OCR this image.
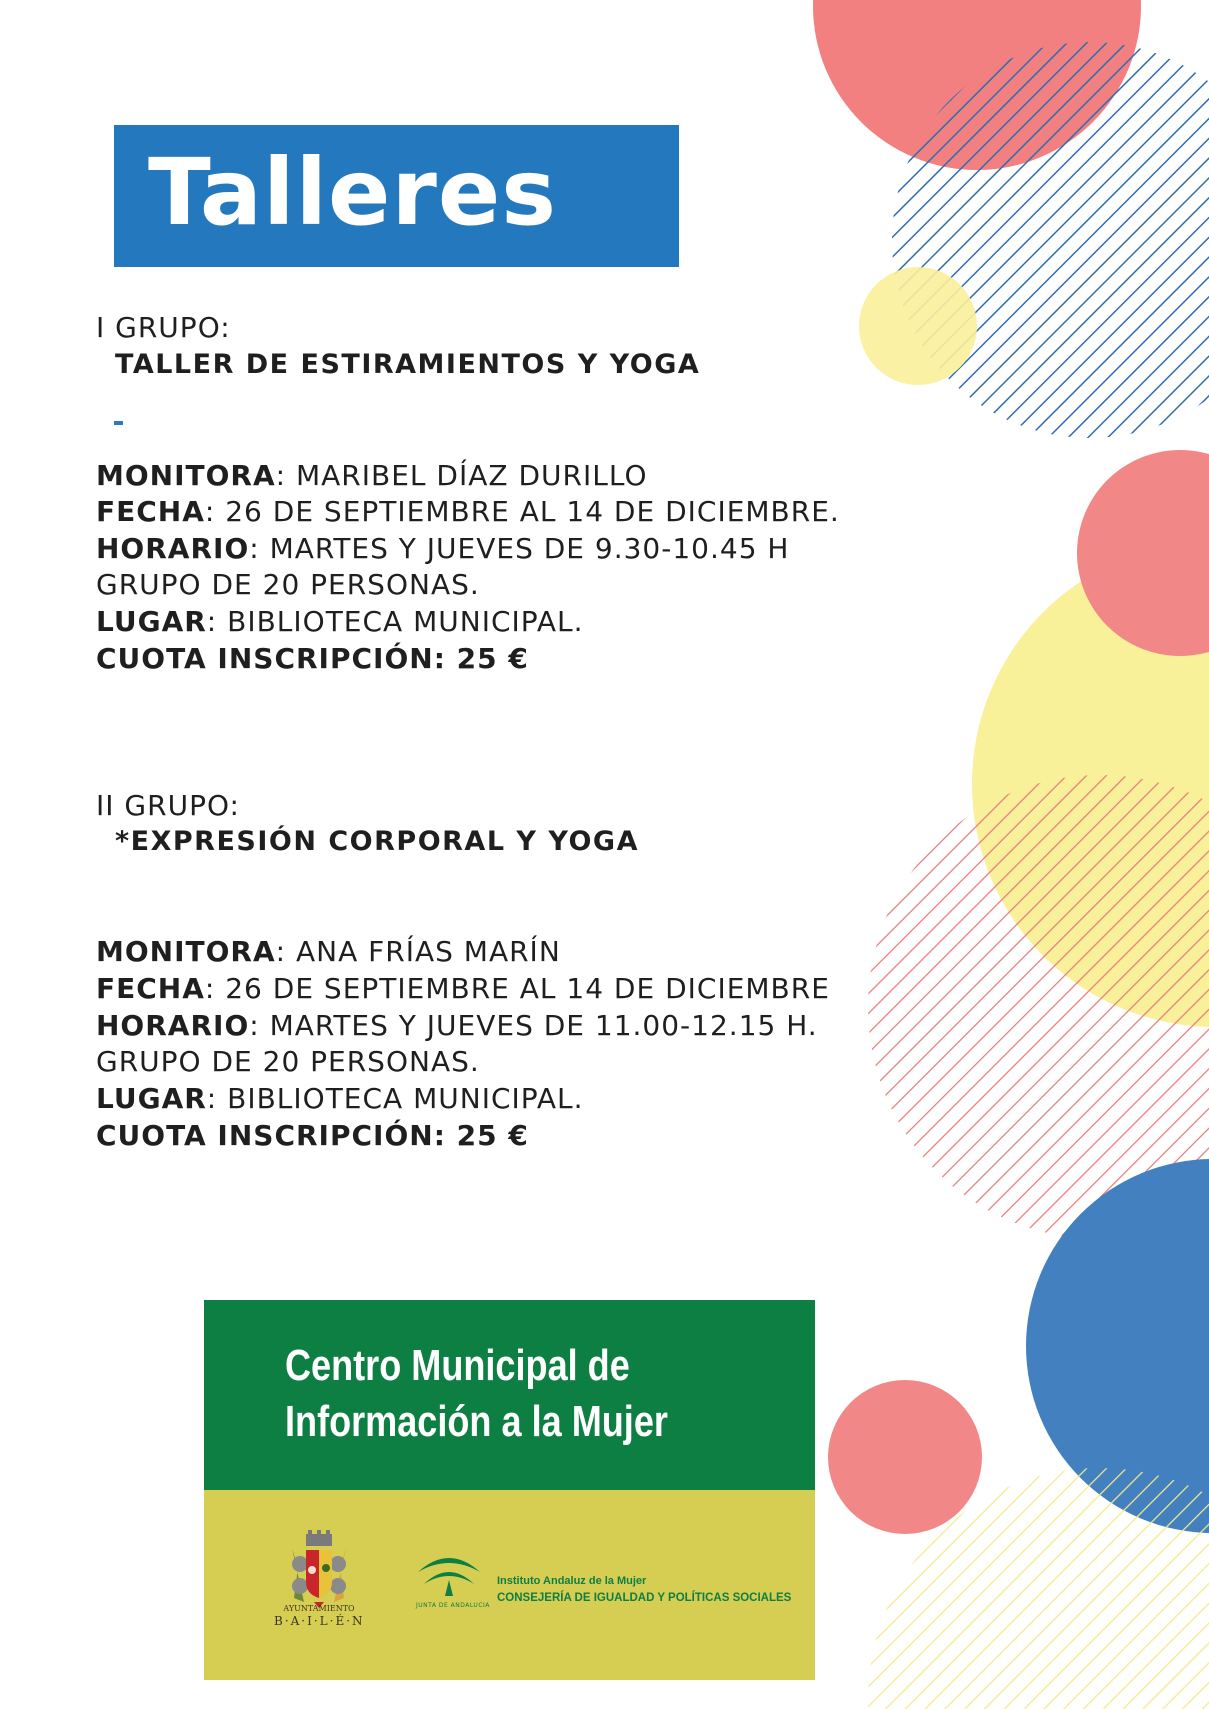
Talleres
I GRUPO:
TALLER DE ESTIRAMIENTOS Y YOGA
MONITORA: MARIBEL DÍAZ DURILLO
FECHA: 26 DE SEPTIEMBRE AL 14 DE DICIEMBRE.
HORARIO: MARTES Y JUEVES DE 9.30-10.45 H
GRUPO DE 20 PERSONAS.
LUGAR: BIBLIOTECA MUNICIPAL.
CUOTA INSCRIPCIÓN: 25 €
II GRUPO:
*EXPRESIÓN CORPORAL Y YOGA
MONITORA: ANA FRÍAS MARÍN
FECHA: 26 DE SEPTIEMBRE AL 14 DE DICIEMBRE
HORARIO: MARTES Y JUEVES DE 11.00-12.15 H.
GRUPO DE 20 PERSONAS.
LUGAR: BIBLIOTECA MUNICIPAL.
CUOTA INSCRIPCIÓN: 25 €
Centro Municipal de
Información a la Mujer
AYUNTAMIENTO
B·A·I·L·É·N
JUNTA DE ANDALUCIA
Instituto Andaluz de la Mujer
CONSEJERÍA DE IGUALDAD Y POLÍTICAS SOCIALES
